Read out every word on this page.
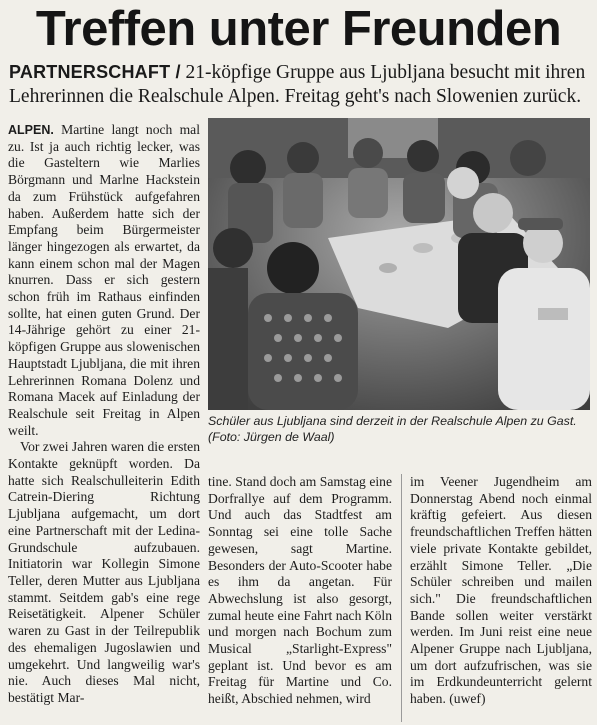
Treffen unter Freunden
PARTNERSCHAFT / 21-köpfige Gruppe aus Ljubljana besucht mit ihren Lehrerinnen die Realschule Alpen. Freitag geht's nach Slowenien zurück.

ALPEN. Martine langt noch mal zu. Ist ja auch richtig lecker, was die Gasteltern wie Marlies Börgmann und Marlne Hackstein da zum Frühstück aufgefahren haben. Außerdem hatte sich der Empfang beim Bürgermeister länger hingezogen als erwartet, da kann einem schon mal der Magen knurren. Dass er sich gestern schon früh im Rathaus einfinden sollte, hat einen guten Grund. Der 14-Jährige gehört zu einer 21-köpfigen Gruppe aus slowenischen Hauptstadt Ljubljana, die mit ihren Lehrerinnen Romana Dolenz und Romana Macek auf Einladung der Realschule seit Freitag in Alpen weilt.

Vor zwei Jahren waren die ersten Kontakte geknüpft worden. Da hatte sich Realschulleiterin Edith Catrein-Diering Richtung Ljubljana aufgemacht, um dort eine Partnerschaft mit der Ledina-Grundschule aufzubauen. Initiatorin war Kollegin Simone Teller, deren Mutter aus Ljubljana stammt. Seitdem gab's eine rege Reisetätigkeit. Alpener Schüler waren zu Gast in der Teilrepublik des ehemaligen Jugoslawien und umgekehrt. Und langweilig war's nie. Auch dieses Mal nicht, bestätigt Mar-

Schüler aus Ljubljana sind derzeit in der Realschule Alpen zu Gast.
(Foto: Jürgen de Waal)

tine. Stand doch am Samstag eine Dorfrallye auf dem Programm. Und auch das Stadtfest am Sonntag sei eine tolle Sache gewesen, sagt Martine. Besonders der Auto-Scooter habe es ihm da angetan. Für Abwechslung ist also gesorgt, zumal heute eine Fahrt nach Köln und morgen nach Bochum zum Musical „Starlight-Express" geplant ist. Und bevor es am Freitag für Martine und Co. heißt, Abschied nehmen, wird

im Veener Jugendheim am Donnerstag Abend noch einmal kräftig gefeiert. Aus diesen freundschaftlichen Treffen hätten viele private Kontakte gebildet, erzählt Simone Teller. „Die Schüler schreiben und mailen sich." Die freundschaftlichen Bande sollen weiter verstärkt werden. Im Juni reist eine neue Alpener Gruppe nach Ljubljana, um dort aufzufrischen, was sie im Erdkundeunterricht gelernt haben. (uwef)
